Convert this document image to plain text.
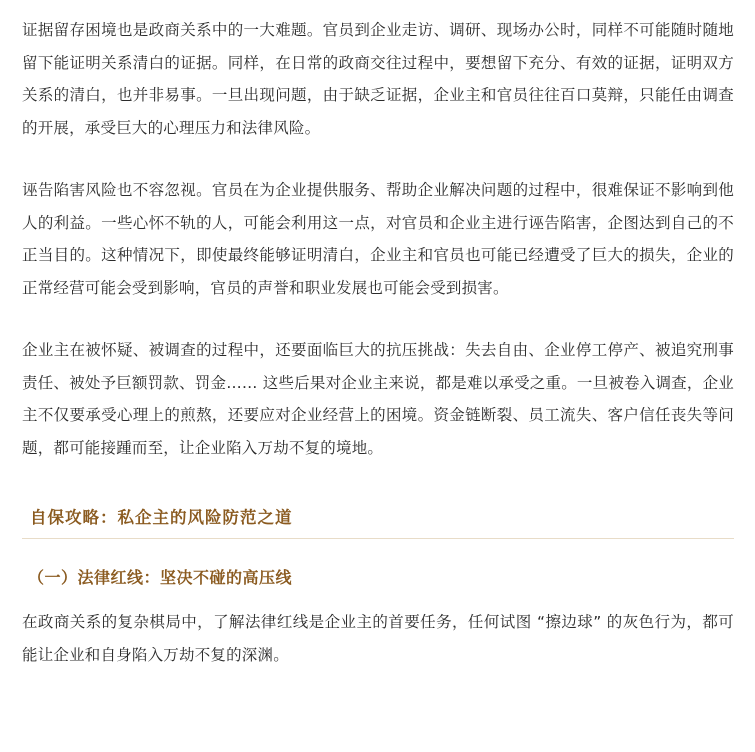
证据留存困境也是政商关系中的一大难题。官员到企业走访、调研、现场办公时，同样不可能随时随地留下能证明关系清白的证据。同样，在日常的政商交往过程中，要想留下充分、有效的证据，证明双方关系的清白，也并非易事。一旦出现问题，由于缺乏证据，企业主和官员往往百口莫辩，只能任由调查的开展，承受巨大的心理压力和法律风险。

诬告陷害风险也不容忽视。官员在为企业提供服务、帮助企业解决问题的过程中，很难保证不影响到他人的利益。一些心怀不轨的人，可能会利用这一点，对官员和企业主进行诬告陷害，企图达到自己的不正当目的。这种情况下，即使最终能够证明清白，企业主和官员也可能已经遭受了巨大的损失，企业的正常经营可能会受到影响，官员的声誉和职业发展也可能会受到损害。

企业主在被怀疑、被调查的过程中，还要面临巨大的抗压挑战：失去自由、企业停工停产、被追究刑事责任、被处予巨额罚款、罚金…… 这些后果对企业主来说，都是难以承受之重。一旦被卷入调查，企业主不仅要承受心理上的煎熬，还要应对企业经营上的困境。资金链断裂、员工流失、客户信任丧失等问题，都可能接踵而至，让企业陷入万劫不复的境地。

自保攻略：私企主的风险防范之道
（一）法律红线：坚决不碰的高压线

在政商关系的复杂棋局中，了解法律红线是企业主的首要任务，任何试图 “擦边球” 的灰色行为，都可能让企业和自身陷入万劫不复的深渊。
